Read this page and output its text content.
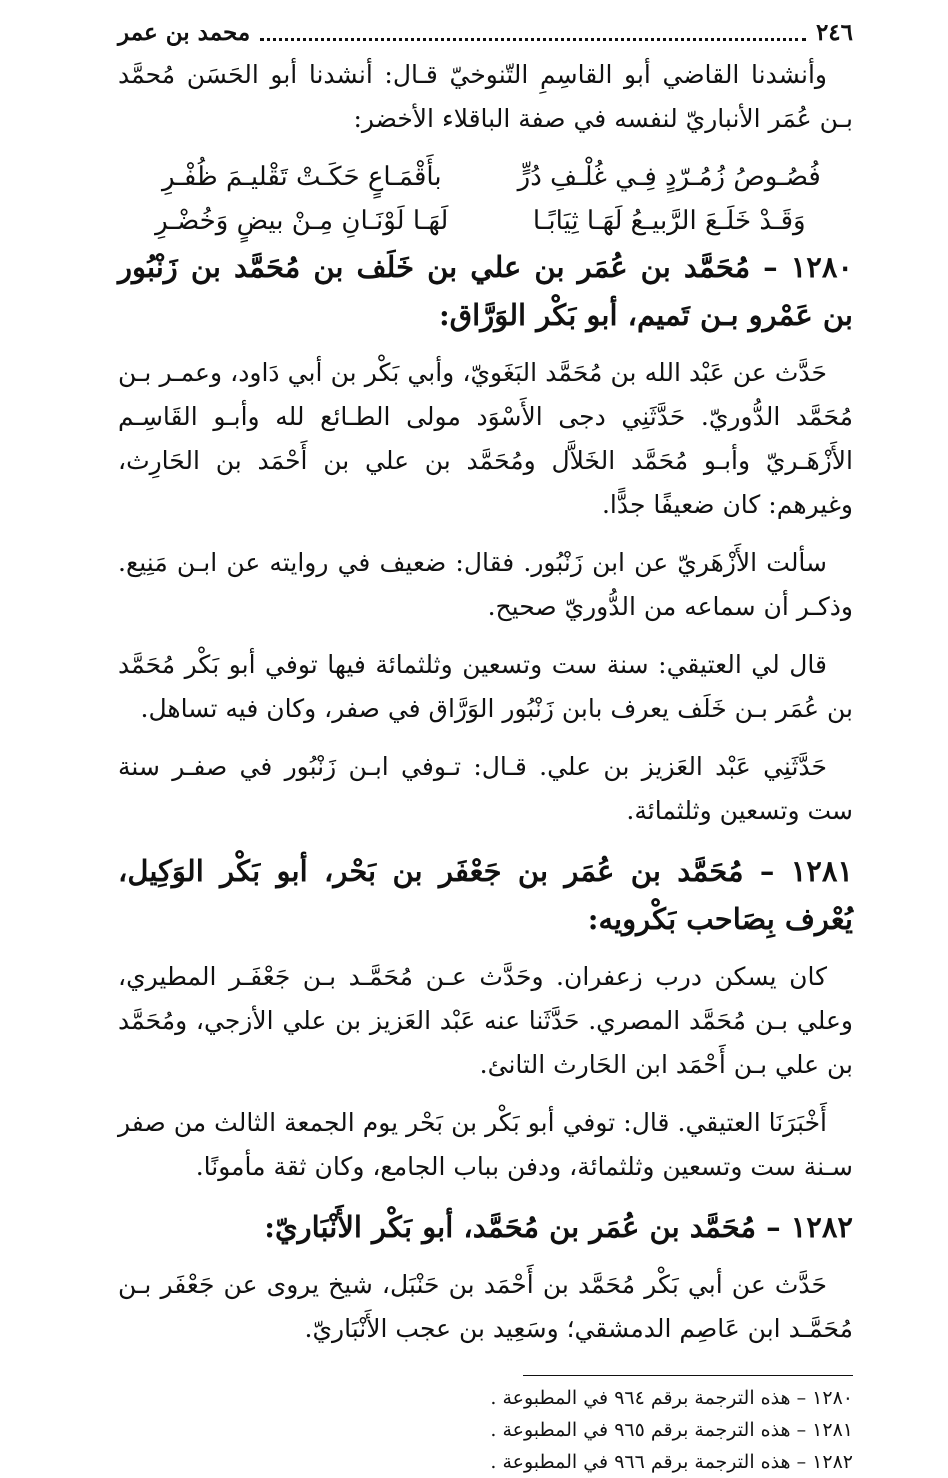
٢٤٦
محمد بن عمر

وأنشدنا القاضي أبو القاسِمِ التّنوخيّ قـال: أنشدنا أبو الحَسَن مُحمَّد بـن عُمَر الأنباريّ لنفسه في صفة الباقلاء الأخضر:

فُصُـوصُ زُمُـرّدٍ فِـي غُلْـفِ دُرٍّ
بأَقْمَـاعٍ حَكَـتْ تَقْليـمَ ظُفْـرِ
وَقَـدْ خَلَـعَ الرَّبيـعُ لَهَـا ثِيَابًـا
لَهَـا لَوْنَـانِ مِـنْ بيضٍ وَخُضْـرِ
١٢٨٠ – مُحَمَّد بن عُمَر بن علي بن خَلَف بن مُحَمَّد بن زَنْبُور بن عَمْرو بـن تَميم، أبو بَكْر الوَرَّاق:

حَدَّث عن عَبْد الله بن مُحَمَّد البَغَويّ، وأبي بَكْر بن أبي دَاود، وعمـر بـن مُحَمَّد الدُّوريّ. حَدَّثَنِي دجى الأَسْوَد مولى الطـائع لله وأبـو القَاسِـم الأَزْهَـريّ وأبـو مُحَمَّد الخَلاَّل ومُحَمَّد بن علي بن أَحْمَد بن الحَارِث، وغيرهم: كان ضعيفًا جدًّا.

سألت الأَزْهَريّ عن ابن زَنْبُور. فقال: ضعيف في روايته عن ابـن مَنِيع. وذكـر أن سماعه من الدُّوريّ صحيح.

قال لي العتيقي: سنة ست وتسعين وثلثمائة فيها توفي أبو بَكْر مُحَمَّد بن عُمَر بـن خَلَف يعرف بابن زَنْبُور الوَرَّاق في صفر، وكان فيه تساهل.

حَدَّثَنِي عَبْد العَزيز بن علي. قـال: تـوفي ابـن زَنْبُور في صفـر سنة ست وتسعين وثلثمائة.

١٢٨١ – مُحَمَّد بن عُمَر بن جَعْفَر بن بَحْر، أبو بَكْر الوَكِيل، يُعْرف بِصَاحب بَكْرويه:

كان يسكن درب زعفران. وحَدَّث عـن مُحَمَّـد بـن جَعْفَـر المطيري، وعلي بـن مُحَمَّد المصري. حَدَّثَنا عنه عَبْد العَزيز بن علي الأزجي، ومُحَمَّد بن علي بـن أَحْمَد ابن الحَارث التانئ.

أَخْبَرَنَا العتيقي. قال: توفي أبو بَكْر بن بَحْر يوم الجمعة الثالث من صفر سـنة ست وتسعين وثلثمائة، ودفن بباب الجامع، وكان ثقة مأمونًا.

١٢٨٢ – مُحَمَّد بن عُمَر بن مُحَمَّد، أبو بَكْر الأَنْبَاريّ:

حَدَّث عن أبي بَكْر مُحَمَّد بن أَحْمَد بن حَنْبَل، شيخ يروى عن جَعْفَر بـن مُحَمَّـد ابن عَاصِم الدمشقي؛ وسَعِيد بن عجب الأَنْبَاريّ.

١٢٨٠ – هذه الترجمة برقم ٩٦٤ في المطبوعة .
١٢٨١ – هذه الترجمة برقم ٩٦٥ في المطبوعة .
١٢٨٢ – هذه الترجمة برقم ٩٦٦ في المطبوعة .
